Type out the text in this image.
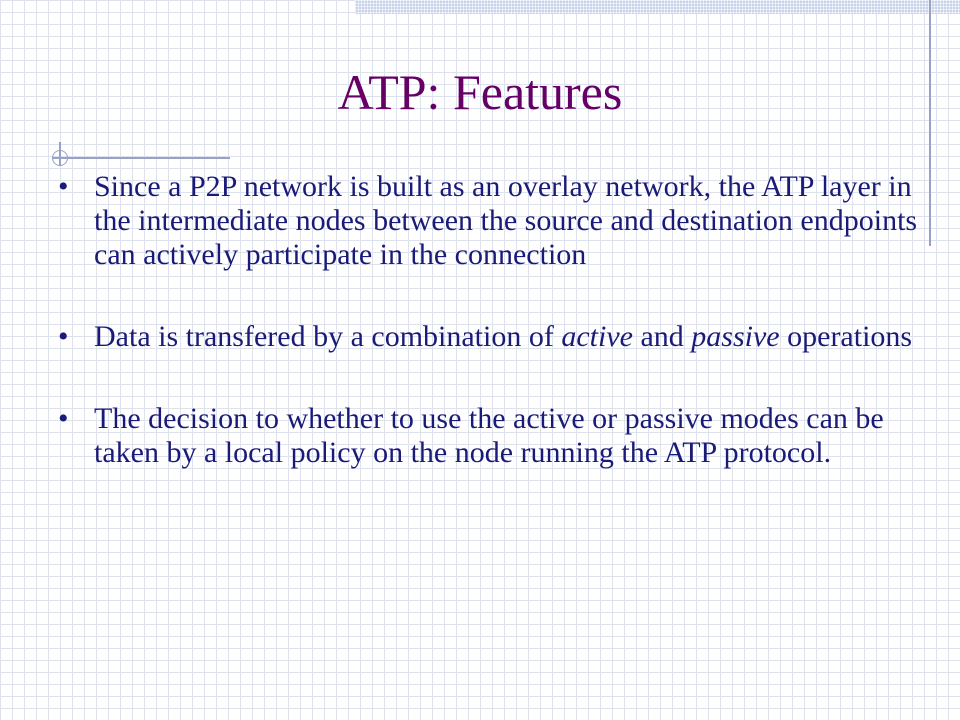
ATP: Features
• Since a P2P network is built as an overlay network, the ATP layer in the intermediate nodes between the source and destination endpoints can actively participate in the connection
• Data is transfered by a combination of active and passive operations
• The decision to whether to use the active or passive modes can be taken by a local policy on the node running the ATP protocol.
